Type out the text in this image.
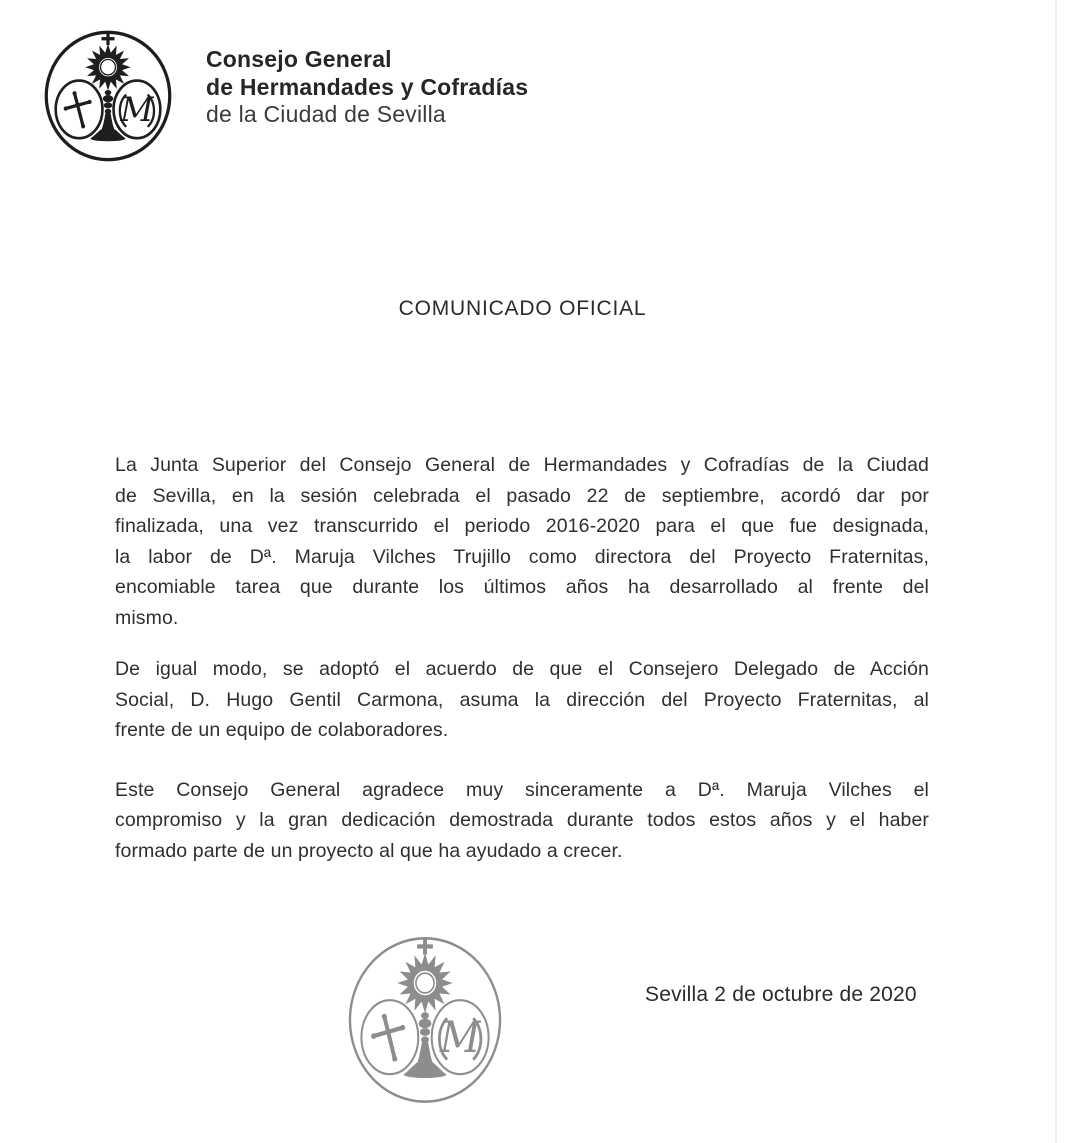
M
Consejo General
de Hermandades y Cofradías
de la Ciudad de Sevilla
COMUNICADO OFICIAL
La Junta Superior del Consejo General de Hermandades y Cofradías de la Ciudad
de Sevilla, en la sesión celebrada el pasado 22 de septiembre, acordó dar por
finalizada, una vez transcurrido el periodo 2016-2020 para el que fue designada,
la labor de Dª. Maruja Vilches Trujillo como directora del Proyecto Fraternitas,
encomiable tarea que durante los últimos años ha desarrollado al frente del
mismo.
De igual modo, se adoptó el acuerdo de que el Consejero Delegado de Acción
Social, D. Hugo Gentil Carmona, asuma la dirección del Proyecto Fraternitas, al
frente de un equipo de colaboradores.
Este Consejo General agradece muy sinceramente a Dª. Maruja Vilches el
compromiso y la gran dedicación demostrada durante todos estos años y el haber
formado parte de un proyecto al que ha ayudado a crecer.
M
Sevilla 2 de octubre de 2020
